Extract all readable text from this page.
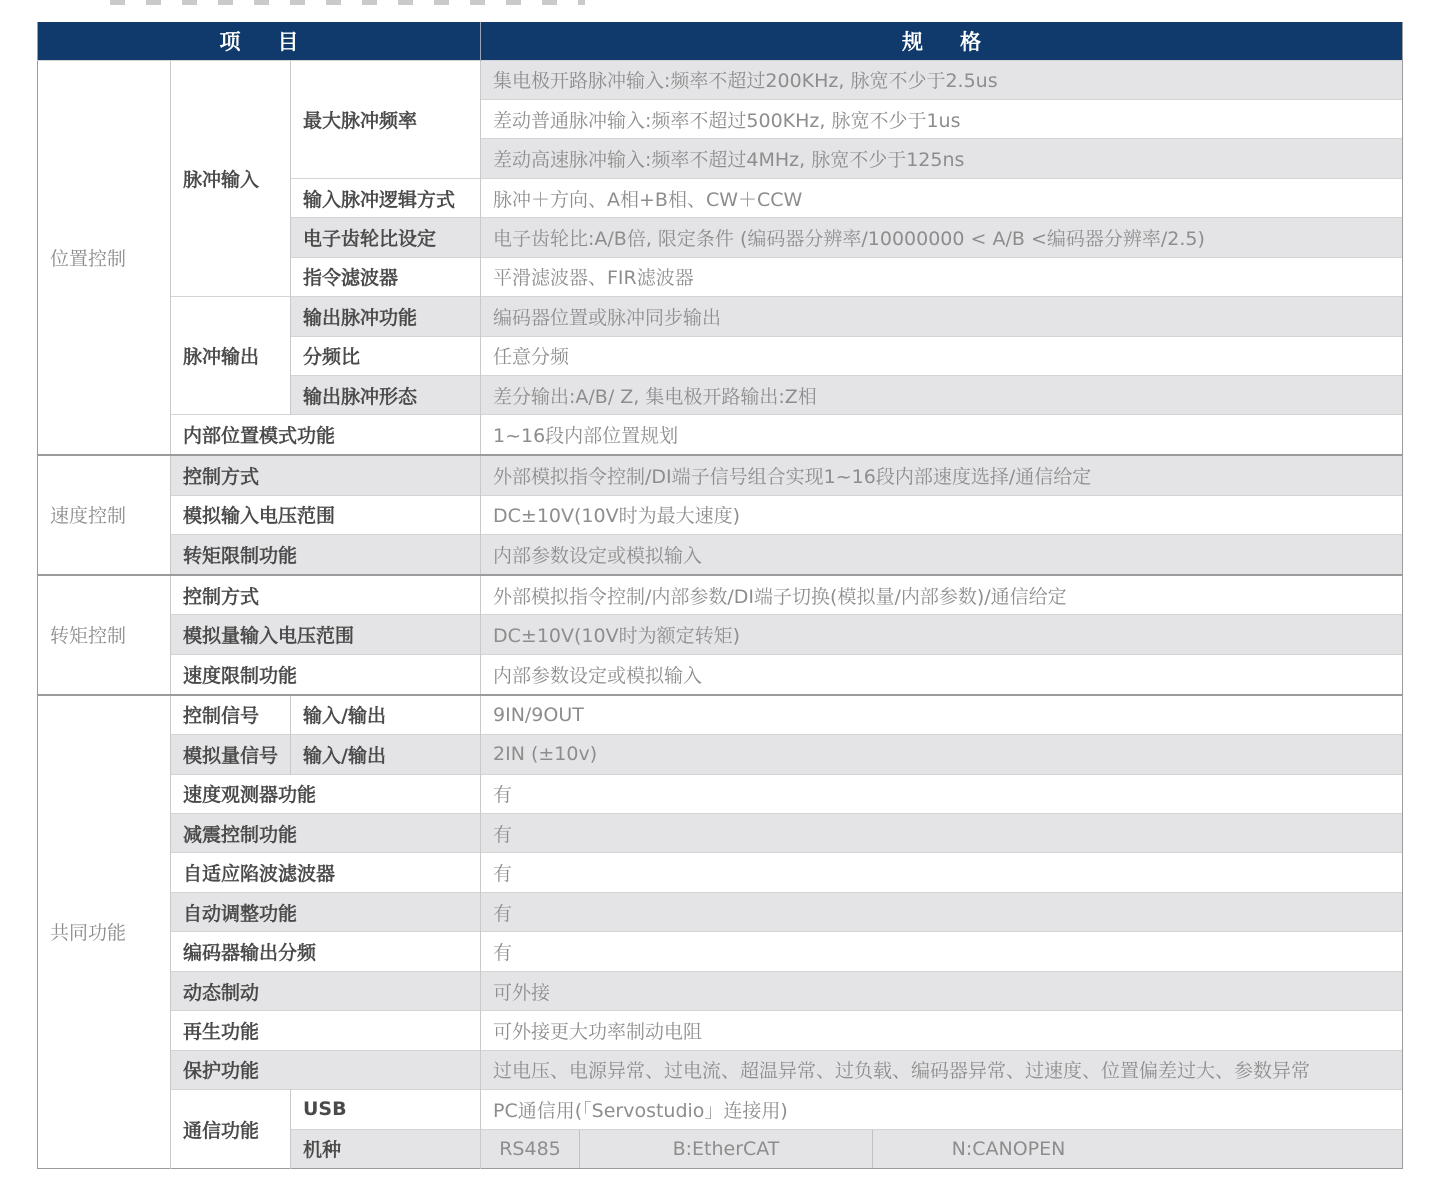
项　目			规　格
位置控制	脉冲输入	最大脉冲频率	集电极开路脉冲输入:频率不超过200KHz, 脉宽不少于2.5us
			差动普通脉冲输入:频率不超过500KHz, 脉宽不少于1us
			差动高速脉冲输入:频率不超过4MHz, 脉宽不少于125ns
		输入脉冲逻辑方式	脉冲＋方向、A相+B相、CW＋CCW
		电子齿轮比设定	电子齿轮比:A/B倍, 限定条件 (编码器分辨率/10000000 < A/B <编码器分辨率/2.5)
		指令滤波器	平滑滤波器、FIR滤波器
	脉冲输出	输出脉冲功能	编码器位置或脉冲同步输出
		分频比	任意分频
		输出脉冲形态	差分输出:A/B/ Z, 集电极开路输出:Z相
	内部位置模式功能		1~16段内部位置规划
速度控制	控制方式		外部模拟指令控制/DI端子信号组合实现1~16段内部速度选择/通信给定
	模拟输入电压范围		DC±10V(10V时为最大速度)
	转矩限制功能		内部参数设定或模拟输入
转矩控制	控制方式		外部模拟指令控制/内部参数/DI端子切换(模拟量/内部参数)/通信给定
	模拟量输入电压范围		DC±10V(10V时为额定转矩)
	速度限制功能		内部参数设定或模拟输入
共同功能	控制信号	输入/输出	9IN/9OUT
	模拟量信号	输入/输出	2IN (±10v)
	速度观测器功能		有
	减震控制功能		有
	自适应陷波滤波器		有
	自动调整功能		有
	编码器输出分频		有
	动态制动		可外接
	再生功能		可外接更大功率制动电阻
	保护功能		过电压、电源异常、过电流、超温异常、过负载、编码器异常、过速度、位置偏差过大、参数异常
	通信功能	USB	PC通信用(「Servostudio」连接用)
		机种	RS485 B:EtherCAT N:CANOPEN
